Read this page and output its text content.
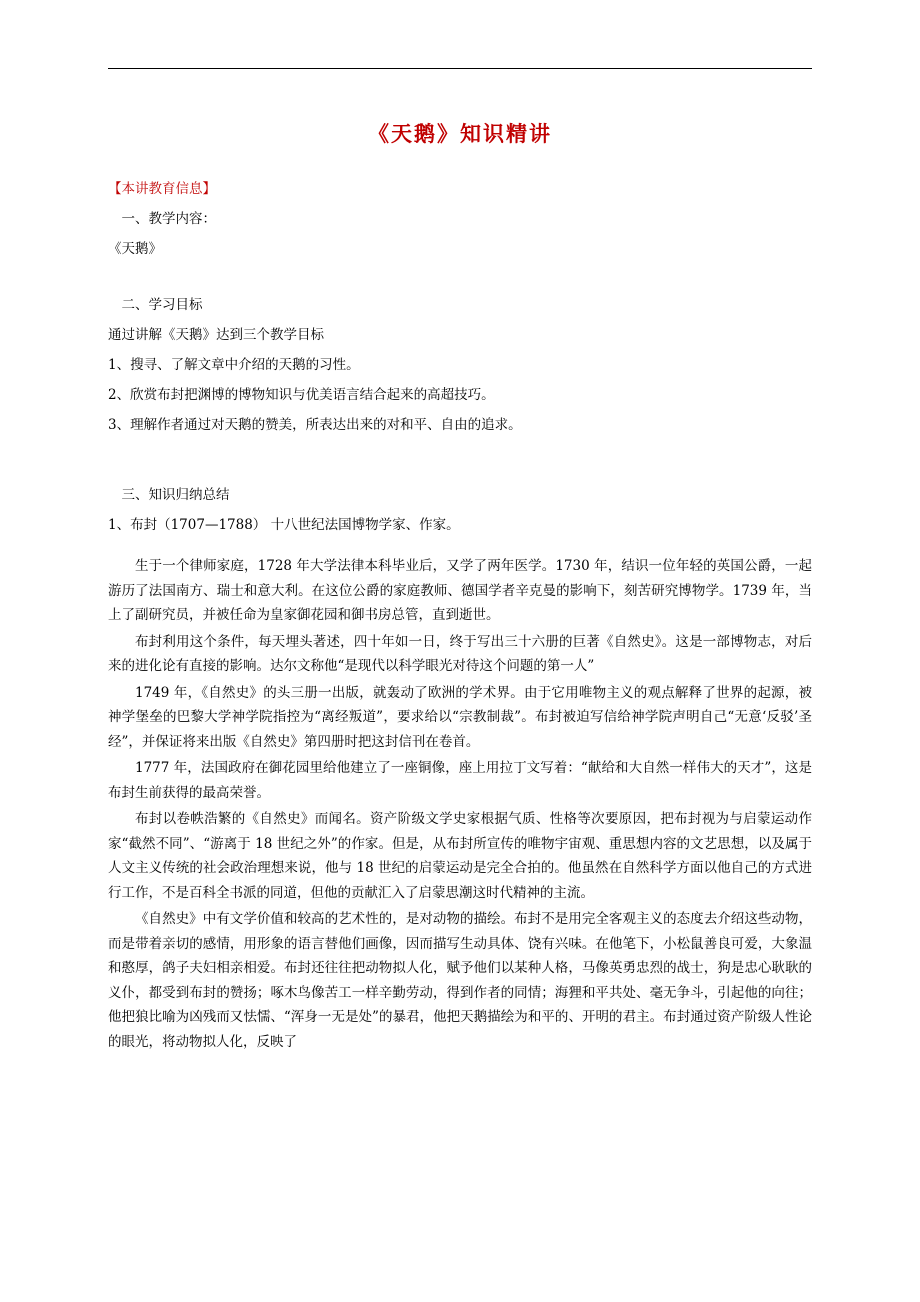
《天鹅》知识精讲

【本讲教育信息】

一、教学内容：

《天鹅》

二、学习目标

通过讲解《天鹅》达到三个教学目标

1、搜寻、了解文章中介绍的天鹅的习性。

2、欣赏布封把渊博的博物知识与优美语言结合起来的高超技巧。

3、理解作者通过对天鹅的赞美，所表达出来的对和平、自由的追求。

三、知识归纳总结

1、布封（1707—1788） 十八世纪法国博物学家、作家。

生于一个律师家庭，1728 年大学法律本科毕业后，又学了两年医学。1730 年，结识一位年轻的英国公爵，一起游历了法国南方、瑞士和意大利。在这位公爵的家庭教师、德国学者辛克曼的影响下，刻苦研究博物学。1739 年，当上了副研究员，并被任命为皇家御花园和御书房总管，直到逝世。

布封利用这个条件，每天埋头著述，四十年如一日，终于写出三十六册的巨著《自然史》。这是一部博物志，对后来的进化论有直接的影响。达尔文称他“是现代以科学眼光对待这个问题的第一人”

1749 年，《自然史》的头三册一出版，就轰动了欧洲的学术界。由于它用唯物主义的观点解释了世界的起源，被神学堡垒的巴黎大学神学院指控为“离经叛道”，要求给以“宗教制裁”。布封被迫写信给神学院声明自己“无意‘反驳’圣经”，并保证将来出版《自然史》第四册时把这封信刊在卷首。

1777 年，法国政府在御花园里给他建立了一座铜像，座上用拉丁文写着：“献给和大自然一样伟大的天才”，这是布封生前获得的最高荣誉。

布封以卷帙浩繁的《自然史》而闻名。资产阶级文学史家根据气质、性格等次要原因，把布封视为与启蒙运动作家“截然不同”、“游离于 18 世纪之外”的作家。但是，从布封所宣传的唯物宇宙观、重思想内容的文艺思想，以及属于人文主义传统的社会政治理想来说，他与 18 世纪的启蒙运动是完全合拍的。他虽然在自然科学方面以他自己的方式进行工作，不是百科全书派的同道，但他的贡献汇入了启蒙思潮这时代精神的主流。

《自然史》中有文学价值和较高的艺术性的，是对动物的描绘。布封不是用完全客观主义的态度去介绍这些动物，而是带着亲切的感情，用形象的语言替他们画像，因而描写生动具体、饶有兴味。在他笔下，小松鼠善良可爱，大象温和憨厚，鸽子夫妇相亲相爱。布封还往往把动物拟人化，赋予他们以某种人格，马像英勇忠烈的战士，狗是忠心耿耿的义仆，都受到布封的赞扬；啄木鸟像苦工一样辛勤劳动，得到作者的同情；海狸和平共处、毫无争斗，引起他的向往；他把狼比喻为凶残而又怯懦、“浑身一无是处”的暴君，他把天鹅描绘为和平的、开明的君主。布封通过资产阶级人性论的眼光，将动物拟人化，反映了
